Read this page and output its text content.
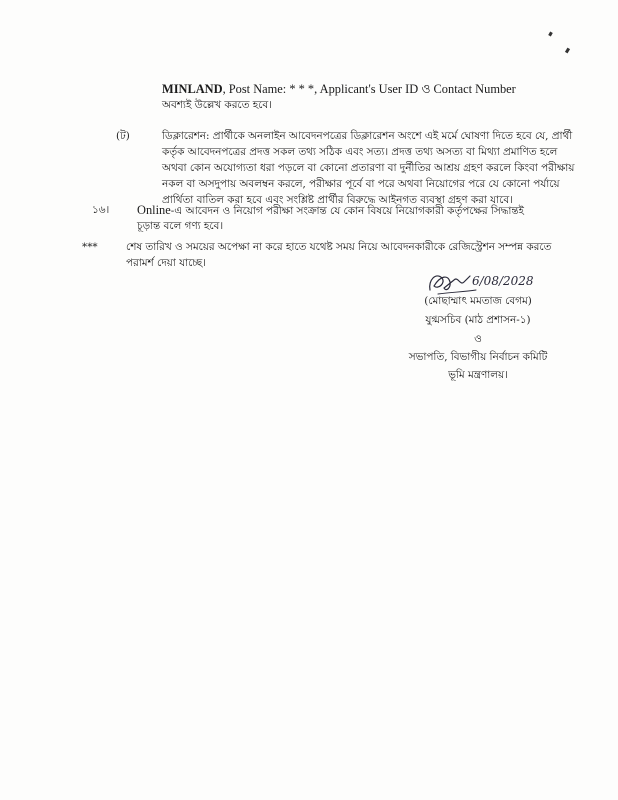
MINLAND, Post Name: * * *, Applicant's User ID ও Contact Number
অবশ্যই উল্লেখ করতে হবে।
(ট)	ডিক্লারেশন: প্রার্থীকে অনলাইন আবেদনপত্রের ডিক্লারেশন অংশে এই মর্মে ঘোষণা দিতে হবে যে, প্রার্থী
কর্তৃক আবেদনপত্রের প্রদত্ত সকল তথ্য সঠিক এবং সত্য। প্রদত্ত তথ্য অসত্য বা মিথ্যা প্রমাণিত হলে
অথবা কোন অযোগ্যতা ধরা পড়লে বা কোনো প্রতারণা বা দুর্নীতির আশ্রয় গ্রহণ করলে কিংবা পরীক্ষায়
নকল বা অসদুপায় অবলম্বন করলে, পরীক্ষার পূর্বে বা পরে অথবা নিয়োগের পরে যে কোনো পর্যায়ে
প্রার্থিতা বাতিল করা হবে এবং সংশ্লিষ্ট প্রার্থীর বিরুদ্ধে আইনগত ব্যবস্থা গ্রহণ করা যাবে।
১৬। Online-এ আবেদন ও নিয়োগ পরীক্ষা সংক্রান্ত যে কোন বিষয়ে নিয়োগকারী কর্তৃপক্ষের সিদ্ধান্তই
চূড়ান্ত বলে গণ্য হবে।
***	শেষ তারিখ ও সময়ের অপেক্ষা না করে হাতে যথেষ্ট সময় নিয়ে আবেদনকারীকে রেজিস্ট্রেশন সম্পন্ন করতে
পরামর্শ দেয়া যাচ্ছে।
6/08/2028
(মোছাম্মাৎ মমতাজ বেগম)
যুগ্মসচিব (মাঠ প্রশাসন-১)
ও
সভাপতি, বিভাগীয় নির্বাচন কমিটি
ভূমি মন্ত্রণালয়।
